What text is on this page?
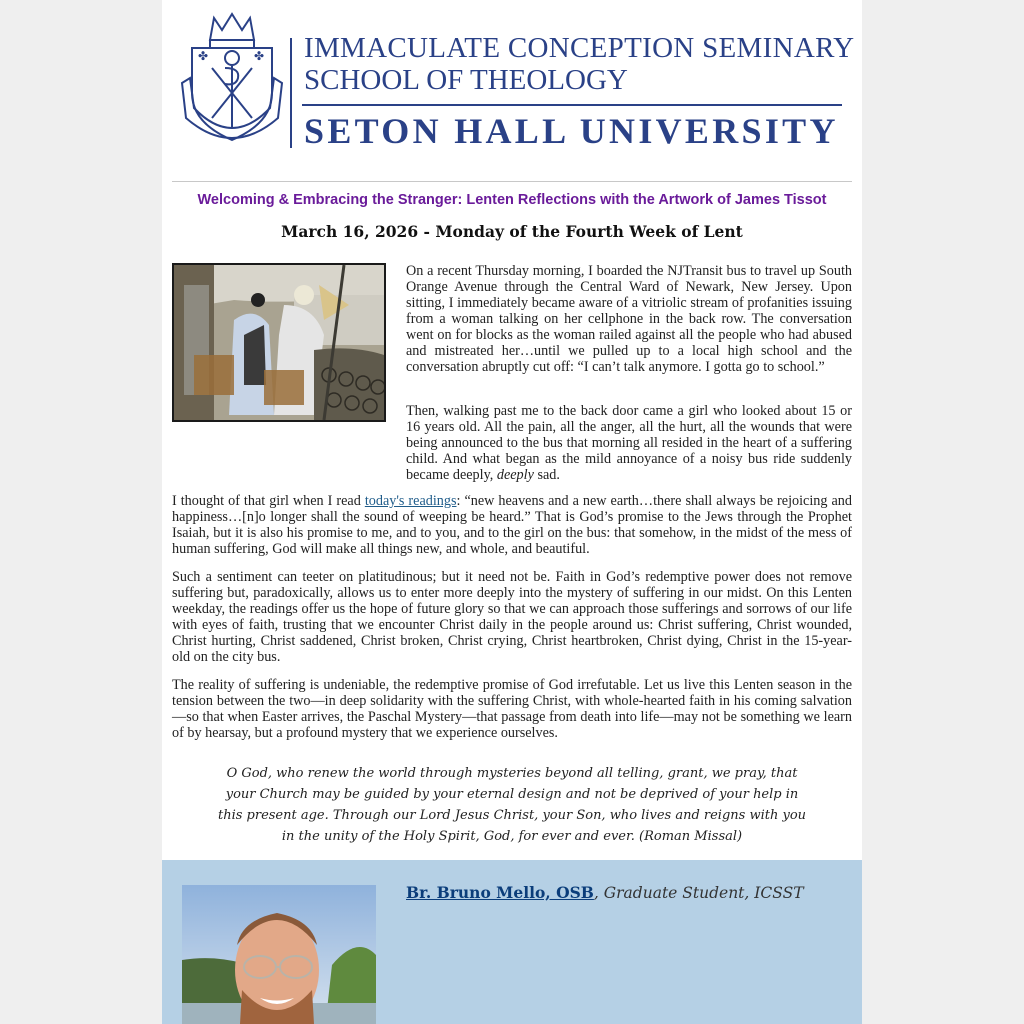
✤	✤ IMMACULATE CONCEPTION SEMINARY
SCHOOL OF THEOLOGY
SETON HALL UNIVERSITY
Welcoming & Embracing the Stranger: Lenten Reflections with the Artwork of James Tissot
March 16, 2026 - Monday of the Fourth Week of Lent

On a recent Thursday morning, I boarded the NJTransit bus to travel up South Orange Avenue through the Central Ward of Newark, New Jersey. Upon sitting, I immediately became aware of a vitriolic stream of profanities issuing from a woman talking on her cellphone in the back row. The conversation went on for blocks as the woman railed against all the people who had abused and mistreated her…until we pulled up to a local high school and the conversation abruptly cut off: “I can’t talk anymore. I gotta go to school.”

Then, walking past me to the back door came a girl who looked about 15 or 16 years old. All the pain, all the anger, all the hurt, all the wounds that were being announced to the bus that morning all resided in the heart of a suffering child. And what began as the mild annoyance of a noisy bus ride suddenly became deeply, deeply sad.

I thought of that girl when I read today's readings: “new heavens and a new earth…there shall always be rejoicing and happiness…[n]o longer shall the sound of weeping be heard.” That is God’s promise to the Jews through the Prophet Isaiah, but it is also his promise to me, and to you, and to the girl on the bus: that somehow, in the midst of the mess of human suffering, God will make all things new, and whole, and beautiful.

Such a sentiment can teeter on platitudinous; but it need not be. Faith in God’s redemptive power does not remove suffering but, paradoxically, allows us to enter more deeply into the mystery of suffering in our midst. On this Lenten weekday, the readings offer us the hope of future glory so that we can approach those sufferings and sorrows of our life with eyes of faith, trusting that we encounter Christ daily in the people around us: Christ suffering, Christ wounded, Christ hurting, Christ saddened, Christ broken, Christ crying, Christ heartbroken, Christ dying, Christ in the 15-year-old on the city bus.

The reality of suffering is undeniable, the redemptive promise of God irrefutable. Let us live this Lenten season in the tension between the two—in deep solidarity with the suffering Christ, with whole-hearted faith in his coming salvation—so that when Easter arrives, the Paschal Mystery—that passage from death into life—may not be something we learn of by hearsay, but a profound mystery that we experience ourselves.

O God, who renew the world through mysteries beyond all telling, grant, we pray, that your Church may be guided by your eternal design and not be deprived of your help in this present age. Through our Lord Jesus Christ, your Son, who lives and reigns with you in the unity of the Holy Spirit, God, for ever and ever. (Roman Missal)
Br. Bruno Mello, OSB, Graduate Student, ICSST
